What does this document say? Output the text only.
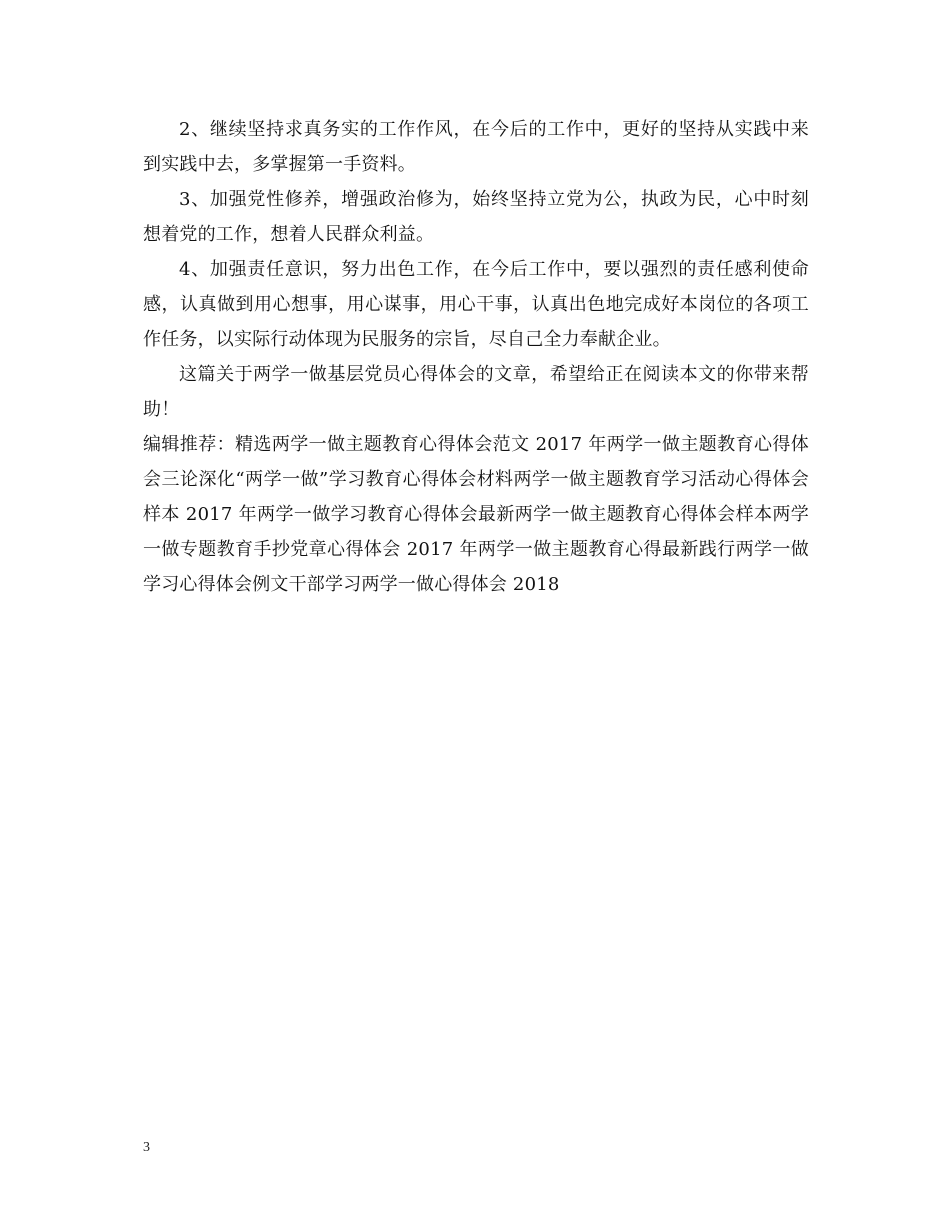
2、继续坚持求真务实的工作作风，在今后的工作中，更好的坚持从实践中来到实践中去，多掌握第一手资料。

3、加强党性修养，增强政治修为，始终坚持立党为公，执政为民，心中时刻想着党的工作，想着人民群众利益。

4、加强责任意识，努力出色工作，在今后工作中，要以强烈的责任感利使命感，认真做到用心想事，用心谋事，用心干事，认真出色地完成好本岗位的各项工作任务，以实际行动体现为民服务的宗旨，尽自己全力奉献企业。

这篇关于两学一做基层党员心得体会的文章，希望给正在阅读本文的你带来帮助！

编辑推荐：精选两学一做主题教育心得体会范文 2017 年两学一做主题教育心得体会三论深化“两学一做”学习教育心得体会材料两学一做主题教育学习活动心得体会样本 2017 年两学一做学习教育心得体会最新两学一做主题教育心得体会样本两学一做专题教育手抄党章心得体会 2017 年两学一做主题教育心得最新践行两学一做学习心得体会例文干部学习两学一做心得体会 2018

3
